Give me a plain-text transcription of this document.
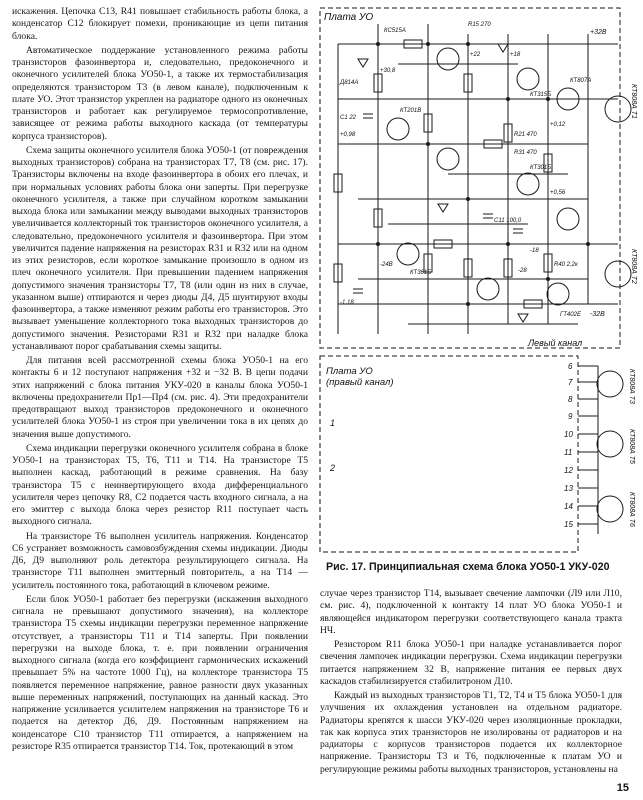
искажения. Цепочка C13, R41 повышает стабильность работы блока, а конденсатор C12 блокирует помехи, проникающие из цепи питания блока.

Автоматическое поддержание установленного режима работы транзисторов фазоинвертора и, следовательно, предоконечного и оконечного усилителей блока УО50-1, а также их термостабилизация определяются транзистором T3 (в левом канале), подключенным к плате УО. Этот транзистор укреплен на радиаторе одного из оконечных транзисторов и работает как регулируемое термосопротивление, зависящее от режима работы выходного каскада (от температуры корпуса транзисторов).

Схема защиты оконечного усилителя блока УО50-1 (от повреждения выходных транзисторов) собрана на транзисторах T7, T8 (см. рис. 17). Транзисторы включены на входе фазоинвертора в обоих его плечах, и при нормальных условиях работы блока они заперты. При перегрузке оконечного усилителя, а также при случайном коротком замыкании выхода блока или замыкании между выводами выходных транзисторов увеличивается коллекторный ток транзисторов оконечного усилителя, а следовательно, предоконечного усилителя и фазоинвертора. При этом увеличится падение напряжения на резисторах R31 и R32 или на одном из этих резисторов, если короткое замыкание произошло в одном из плеч оконечного усилителя. При превышении падением напряжения допустимого значения транзисторы T7, T8 (или один из них в случае, указанном выше) отпираются и через диоды Д4, Д5 шунтируют входы фазоинвертора, а также изменяют режим работы его транзисторов. Это вызывает уменьшение коллекторного тока выходных транзисторов до допустимого значения. Резисторами R31 и R32 при наладке блока устанавливают порог срабатывания схемы защиты.

Для питания всей рассмотренной схемы блока УО50-1 на его контакты 6 и 12 поступают напряжения +32 и −32 В. В цепи подачи этих напряжений с блока питания УКУ-020 в каналы блока УО50-1 включены предохранители Пр1—Пр4 (см. рис. 4). Эти предохранители предотвращают выход транзисторов предоконечного и оконечного усилителей блока УО50-1 из строя при увеличении тока в их цепях до значения выше допустимого.

Схема индикации перегрузки оконечного усилителя собрана в блоке УО50-1 на транзисторах T5, T6, T11 и T14. На транзисторе T5 выполнен каскад, работающий в режиме сравнения. На базу транзистора T5 с неинвертирующего входа дифференциального усилителя через цепочку R8, C2 подается часть входного сигнала, а на его эмиттер с выхода блока через резистор R11 поступает часть выходного сигнала.

На транзисторе T6 выполнен усилитель напряжения. Конденсатор C6 устраняет возможность самовозбуждения схемы индикации. Диоды Д6, Д9 выполняют роль детектора результирующего сигнала. На транзисторе T11 выполнен эмиттерный повторитель, а на T14 — усилитель постоянного тока, работающий в ключевом режиме.

Если блок УО50-1 работает без перегрузки (искажения выходного сигнала не превышают допустимого значения), на коллекторе транзистора T5 схемы индикации перегрузки переменное напряжение отсутствует, а транзисторы T11 и T14 заперты. При появлении перегрузки на выходе блока, т. е. при появлении ограничения выходного сигнала (когда его коэффициент гармонических искажений превышает 5% на частоте 1000 Гц), на коллекторе транзистора T5 появляется переменное напряжение, равное разности двух указанных выше переменных напряжений, поступающих на данный каскад. Это напряжение усиливается усилителем напряжения на транзисторе T6 и подается на детектор Д6, Д9. Постоянным напряжением на конденсаторе C10 транзистор T11 отпирается, а напряжением на резисторе R35 отпирается транзистор T14. Ток, протекающий в этом

Плата УО
Левый канал
Плата УО
(правый канал)
1
2
6
7
8
9
10
11
12
13
14
15
КТ808А T1
КТ808А T2
КТ808А T3
КТ808А T5
КТ808А T6
+32В
-32В
+30,8
+22	+18
-18
-24В
-28
-1,18
+0,98
+0,12
+0,56
КС515А
Д814А
КТ201В
КТ315Б
КТ301Б
КТ361Б
КТ807А
ГТ402Е
R15 270
R21 470
R31 470
R40 2,2к
C1 22
C11 100,0
Рис. 17. Принципиальная схема блока УО50-1 УКУ-020

случае через транзистор T14, вызывает свечение лампочки (Л9 или Л10, см. рис. 4), подключенной к контакту 14 плат УО блока УО50-1 и являющейся индикатором перегрузки соответствующего канала тракта НЧ.

Резистором R11 блока УО50-1 при наладке устанавливается порог свечения лампочек индикации перегрузки. Схема индикации перегрузки питается напряжением 32 В, напряжение питания ее первых двух каскадов стабилизируется стабилитроном Д10.

Каждый из выходных транзисторов T1, T2, T4 и T5 блока УО50-1 для улучшения их охлаждения установлен на отдельном радиаторе. Радиаторы крепятся к шасси УКУ-020 через изоляционные прокладки, так как корпуса этих транзисторов не изолированы от радиаторов и на радиаторы с корпусов транзисторов подается их коллекторное напряжение. Транзисторы T3 и T6, подключенные к платам УО и регулирующие режимы работы выходных транзисторов, установлены на

15
